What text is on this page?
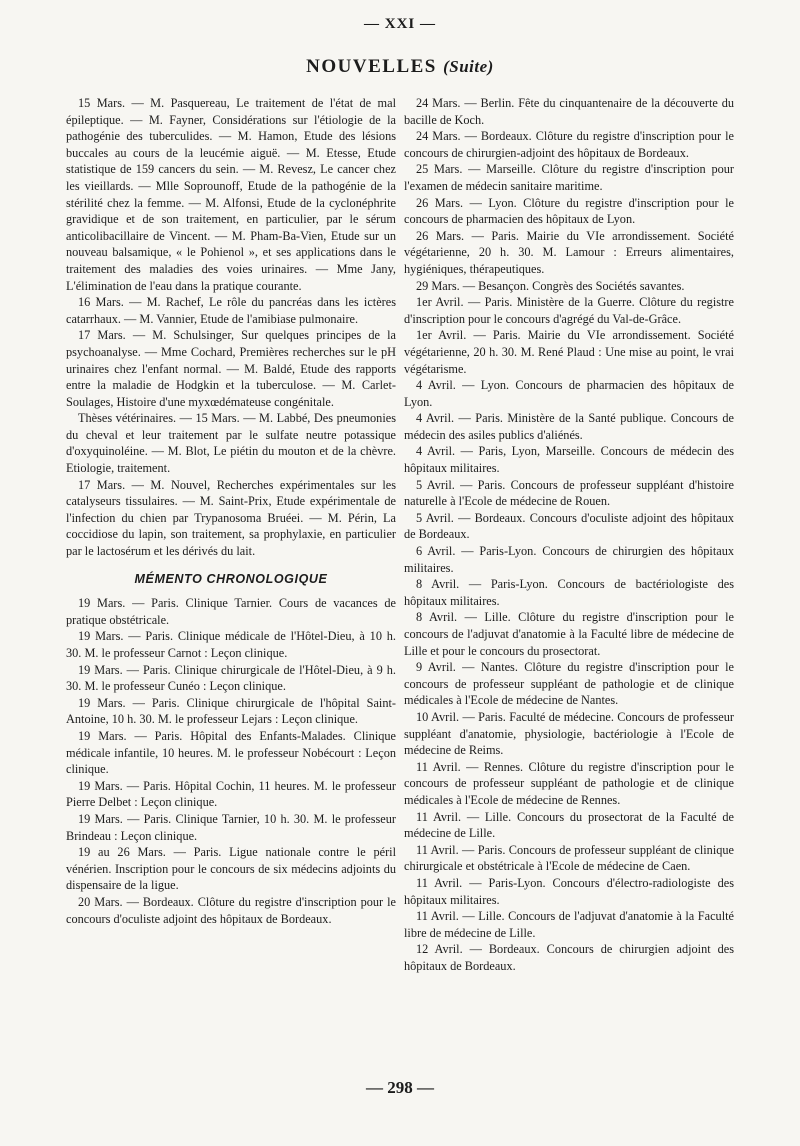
— XXI —
NOUVELLES (Suite)

15 Mars. — M. Pasquereau, Le traitement de l'état de mal épileptique. — M. Fayner, Considérations sur l'étiologie de la pathogénie des tuberculides. — M. Hamon, Etude des lésions buccales au cours de la leucémie aiguë. — M. Etesse, Etude statistique de 159 cancers du sein. — M. Revesz, Le cancer chez les vieillards. — Mlle Soprounoff, Etude de la pathogénie de la stérilité chez la femme. — M. Alfonsi, Etude de la cyclonéphrite gravidique et de son traitement, en particulier, par le sérum anticolibacillaire de Vincent. — M. Pham-Ba-Vien, Etude sur un nouveau balsamique, « le Pohienol », et ses applications dans le traitement des maladies des voies urinaires. — Mme Jany, L'élimination de l'eau dans la pratique courante.

16 Mars. — M. Rachef, Le rôle du pancréas dans les ictères catarrhaux. — M. Vannier, Etude de l'amibiase pulmonaire.

17 Mars. — M. Schulsinger, Sur quelques principes de la psychoanalyse. — Mme Cochard, Premières recherches sur le pH urinaires chez l'enfant normal. — M. Baldé, Etude des rapports entre la maladie de Hodgkin et la tuberculose. — M. Carlet-Soulages, Histoire d'une myxœdémateuse congénitale.

Thèses vétérinaires. — 15 Mars. — M. Labbé, Des pneumonies du cheval et leur traitement par le sulfate neutre potassique d'oxyquinoléine. — M. Blot, Le piétin du mouton et de la chèvre. Etiologie, traitement.

17 Mars. — M. Nouvel, Recherches expérimentales sur les catalyseurs tissulaires. — M. Saint-Prix, Etude expérimentale de l'infection du chien par Trypanosoma Bruéei. — M. Périn, La coccidiose du lapin, son traitement, sa prophylaxie, en particulier par le lactosérum et les dérivés du lait.

MÉMENTO CHRONOLOGIQUE

19 Mars. — Paris. Clinique Tarnier. Cours de vacances de pratique obstétricale.

19 Mars. — Paris. Clinique médicale de l'Hôtel-Dieu, à 10 h. 30. M. le professeur Carnot : Leçon clinique.

19 Mars. — Paris. Clinique chirurgicale de l'Hôtel-Dieu, à 9 h. 30. M. le professeur Cunéo : Leçon clinique.

19 Mars. — Paris. Clinique chirurgicale de l'hôpital Saint-Antoine, 10 h. 30. M. le professeur Lejars : Leçon clinique.

19 Mars. — Paris. Hôpital des Enfants-Malades. Clinique médicale infantile, 10 heures. M. le professeur Nobécourt : Leçon clinique.

19 Mars. — Paris. Hôpital Cochin, 11 heures. M. le professeur Pierre Delbet : Leçon clinique.

19 Mars. — Paris. Clinique Tarnier, 10 h. 30. M. le professeur Brindeau : Leçon clinique.

19 au 26 Mars. — Paris. Ligue nationale contre le péril vénérien. Inscription pour le concours de six médecins adjoints du dispensaire de la ligue.

20 Mars. — Bordeaux. Clôture du registre d'inscription pour le concours d'oculiste adjoint des hôpitaux de Bordeaux.

24 Mars. — Berlin. Fête du cinquantenaire de la découverte du bacille de Koch.

24 Mars. — Bordeaux. Clôture du registre d'inscription pour le concours de chirurgien-adjoint des hôpitaux de Bordeaux.

25 Mars. — Marseille. Clôture du registre d'inscription pour l'examen de médecin sanitaire maritime.

26 Mars. — Lyon. Clôture du registre d'inscription pour le concours de pharmacien des hôpitaux de Lyon.

26 Mars. — Paris. Mairie du VIe arrondissement. Société végétarienne, 20 h. 30. M. Lamour : Erreurs alimentaires, hygiéniques, thérapeutiques.

29 Mars. — Besançon. Congrès des Sociétés savantes.

1er Avril. — Paris. Ministère de la Guerre. Clôture du registre d'inscription pour le concours d'agrégé du Val-de-Grâce.

1er Avril. — Paris. Mairie du VIe arrondissement. Société végétarienne, 20 h. 30. M. René Plaud : Une mise au point, le vrai végétarisme.

4 Avril. — Lyon. Concours de pharmacien des hôpitaux de Lyon.

4 Avril. — Paris. Ministère de la Santé publique. Concours de médecin des asiles publics d'aliénés.

4 Avril. — Paris, Lyon, Marseille. Concours de médecin des hôpitaux militaires.

5 Avril. — Paris. Concours de professeur suppléant d'histoire naturelle à l'Ecole de médecine de Rouen.

5 Avril. — Bordeaux. Concours d'oculiste adjoint des hôpitaux de Bordeaux.

6 Avril. — Paris-Lyon. Concours de chirurgien des hôpitaux militaires.

8 Avril. — Paris-Lyon. Concours de bactériologiste des hôpitaux militaires.

8 Avril. — Lille. Clôture du registre d'inscription pour le concours de l'adjuvat d'anatomie à la Faculté libre de médecine de Lille et pour le concours du prosectorat.

9 Avril. — Nantes. Clôture du registre d'inscription pour le concours de professeur suppléant de pathologie et de clinique médicales à l'Ecole de médecine de Nantes.

10 Avril. — Paris. Faculté de médecine. Concours de professeur suppléant d'anatomie, physiologie, bactériologie à l'Ecole de médecine de Reims.

11 Avril. — Rennes. Clôture du registre d'inscription pour le concours de professeur suppléant de pathologie et de clinique médicales à l'Ecole de médecine de Rennes.

11 Avril. — Lille. Concours du prosectorat de la Faculté de médecine de Lille.

11 Avril. — Paris. Concours de professeur suppléant de clinique chirurgicale et obstétricale à l'Ecole de médecine de Caen.

11 Avril. — Paris-Lyon. Concours d'électro-radiologiste des hôpitaux militaires.

11 Avril. — Lille. Concours de l'adjuvat d'anatomie à la Faculté libre de médecine de Lille.

12 Avril. — Bordeaux. Concours de chirurgien adjoint des hôpitaux de Bordeaux.

— 298 —
